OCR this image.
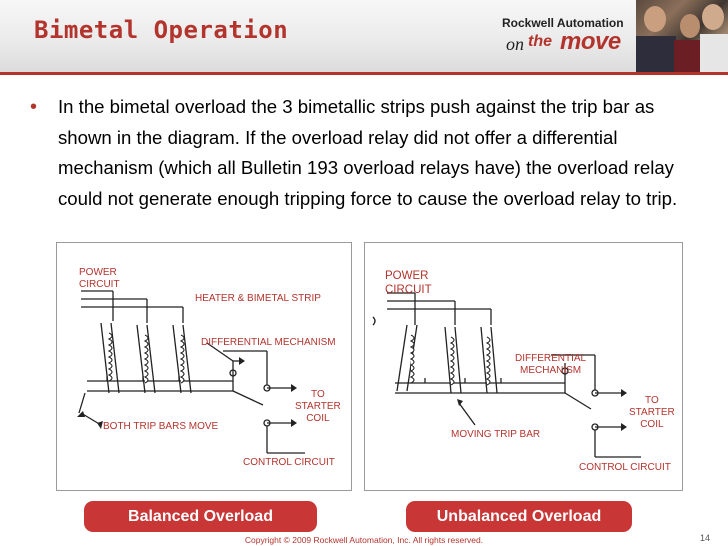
Bimetal Operation	Rockwell Automation
on the move
• In the bimetal overload the 3 bimetallic strips push against the trip bar as shown in the diagram. If the overload relay did not offer a differential mechanism (which all Bulletin 193 overload relays have) the overload relay could not generate enough tripping force to cause the overload relay to trip.
POWER
CIRCUIT
HEATER & BIMETAL STRIP
DIFFERENTIAL MECHANISM
TO
STARTER
COIL
BOTH TRIP BARS MOVE
CONTROL CIRCUIT
POWER
CIRCUIT
DIFFERENTIAL
MECHANISM
TO
STARTER
COIL
MOVING TRIP BAR
CONTROL CIRCUIT
Balanced Overload	Unbalanced Overload
Copyright © 2009 Rockwell Automation, Inc. All rights reserved.	14
